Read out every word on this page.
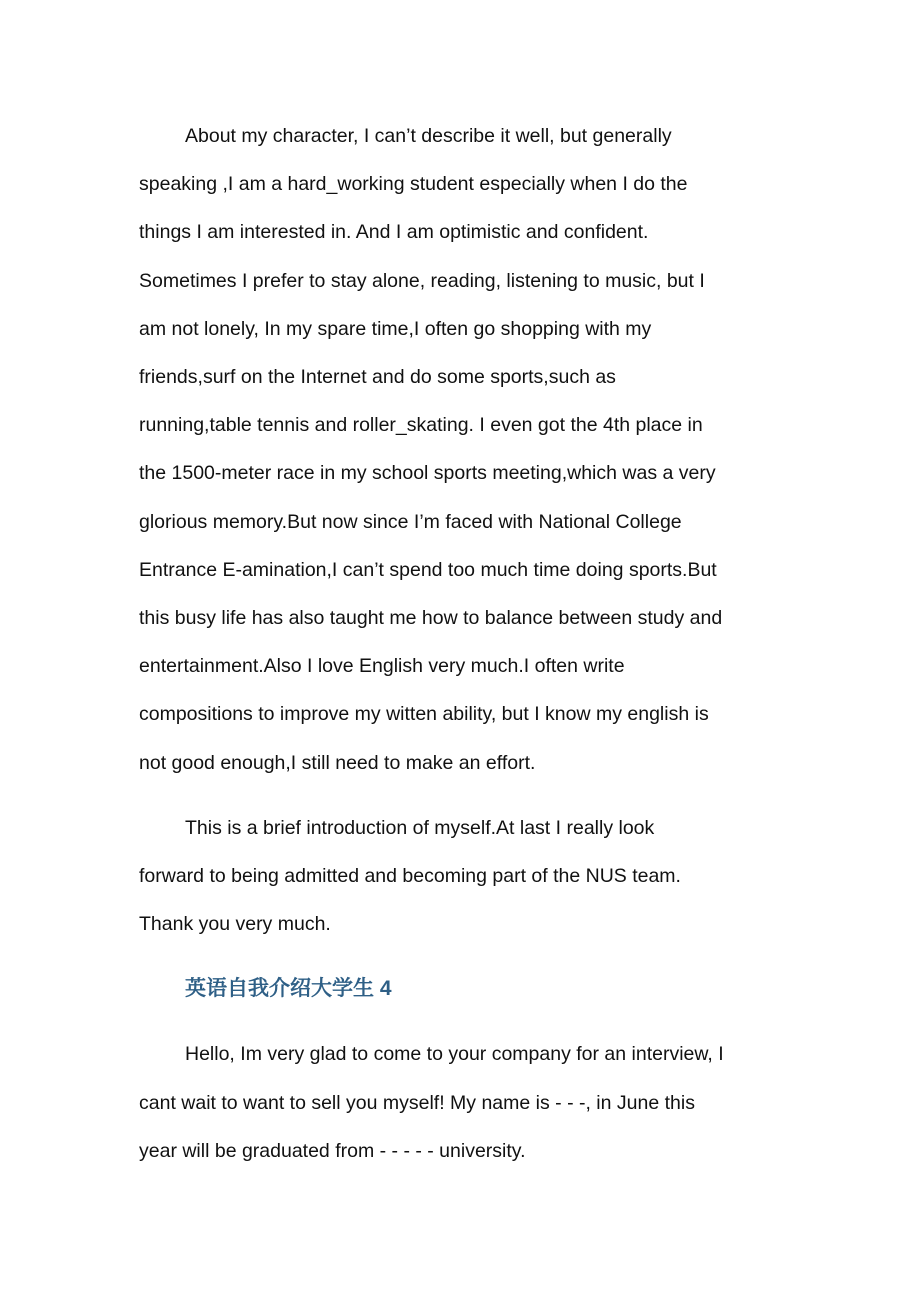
About my character, I can’t describe it well, but generally
speaking ,I am a hard_working student especially when I do the
things I am interested in. And I am optimistic and confident.
Sometimes I prefer to stay alone, reading, listening to music, but I
am not lonely, In my spare time,I often go shopping with my
friends,surf on the Internet and do some sports,such as
running,table tennis and roller_skating. I even got the 4th place in
the 1500-meter race in my school sports meeting,which was a very
glorious memory.But now since I’m faced with National College
Entrance E-amination,I can’t spend too much time doing sports.But
this busy life has also taught me how to balance between study and
entertainment.Also I love English very much.I often write
compositions to improve my witten ability, but I know my english is
not good enough,I still need to make an effort.

This is a brief introduction of myself.At last I really look
forward to being admitted and becoming part of the NUS team.
Thank you very much.

英语自我介绍大学生 4

Hello, Im very glad to come to your company for an interview, I
cant wait to want to sell you myself! My name is - - -, in June this
year will be graduated from - - - - - university.
